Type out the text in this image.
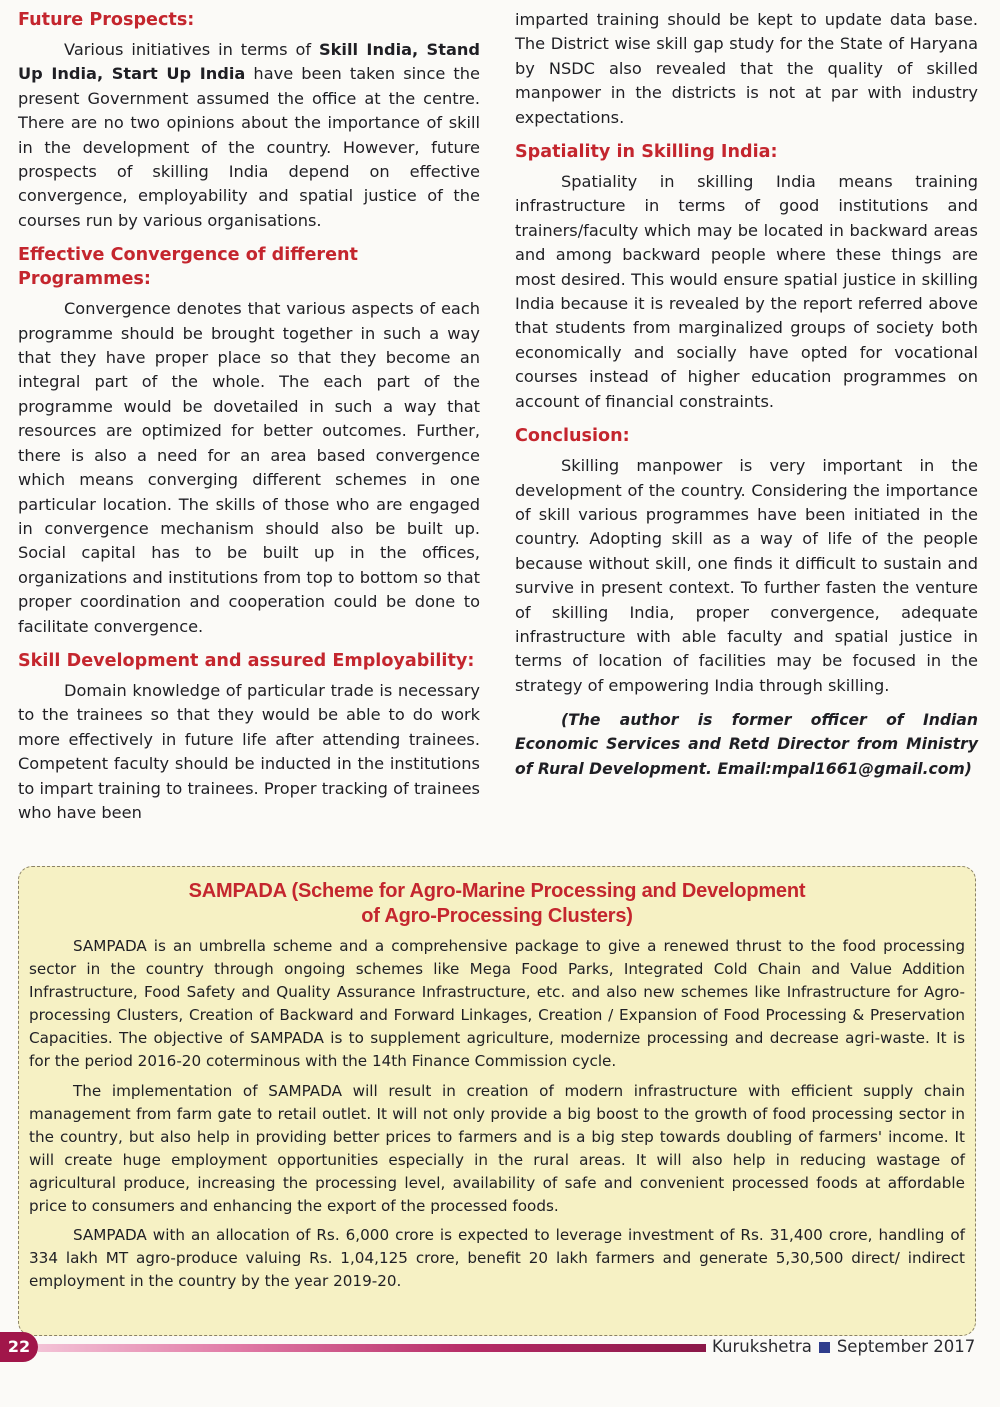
Future Prospects:

Various initiatives in terms of Skill India, Stand Up India, Start Up India have been taken since the present Government assumed the office at the centre. There are no two opinions about the importance of skill in the development of the country. However, future prospects of skilling India depend on effective convergence, employability and spatial justice of the courses run by various organisations.

Effective Convergence of different Programmes:

Convergence denotes that various aspects of each programme should be brought together in such a way that they have proper place so that they become an integral part of the whole. The each part of the programme would be dovetailed in such a way that resources are optimized for better outcomes. Further, there is also a need for an area based convergence which means converging different schemes in one particular location. The skills of those who are engaged in convergence mechanism should also be built up. Social capital has to be built up in the offices, organizations and institutions from top to bottom so that proper coordination and cooperation could be done to facilitate convergence.

Skill Development and assured Employability:

Domain knowledge of particular trade is necessary to the trainees so that they would be able to do work more effectively in future life after attending trainees. Competent faculty should be inducted in the institutions to impart training to trainees. Proper tracking of trainees who have been

imparted training should be kept to update data base. The District wise skill gap study for the State of Haryana by NSDC also revealed that the quality of skilled manpower in the districts is not at par with industry expectations.

Spatiality in Skilling India:

Spatiality in skilling India means training infrastructure in terms of good institutions and trainers/faculty which may be located in backward areas and among backward people where these things are most desired. This would ensure spatial justice in skilling India because it is revealed by the report referred above that students from marginalized groups of society both economically and socially have opted for vocational courses instead of higher education programmes on account of financial constraints.

Conclusion:

Skilling manpower is very important in the development of the country. Considering the importance of skill various programmes have been initiated in the country. Adopting skill as a way of life of the people because without skill, one finds it difficult to sustain and survive in present context. To further fasten the venture of skilling India, proper convergence, adequate infrastructure with able faculty and spatial justice in terms of location of facilities may be focused in the strategy of empowering India through skilling.

(The author is former officer of Indian Economic Services and Retd Director from Ministry of Rural Development. Email:mpal1661@gmail.com)

SAMPADA (Scheme for Agro-Marine Processing and Development
of Agro-Processing Clusters)

SAMPADA is an umbrella scheme and a comprehensive package to give a renewed thrust to the food processing sector in the country through ongoing schemes like Mega Food Parks, Integrated Cold Chain and Value Addition Infrastructure, Food Safety and Quality Assurance Infrastructure, etc. and also new schemes like Infrastructure for Agro-processing Clusters, Creation of Backward and Forward Linkages, Creation / Expansion of Food Processing & Preservation Capacities. The objective of SAMPADA is to supplement agriculture, modernize processing and decrease agri-waste. It is for the period 2016-20 coterminous with the 14th Finance Commission cycle.

The implementation of SAMPADA will result in creation of modern infrastructure with efficient supply chain management from farm gate to retail outlet. It will not only provide a big boost to the growth of food processing sector in the country, but also help in providing better prices to farmers and is a big step towards doubling of farmers' income. It will create huge employment opportunities especially in the rural areas. It will also help in reducing wastage of agricultural produce, increasing the processing level, availability of safe and convenient processed foods at affordable price to consumers and enhancing the export of the processed foods.

SAMPADA with an allocation of Rs. 6,000 crore is expected to leverage investment of Rs. 31,400 crore, handling of 334 lakh MT agro-produce valuing Rs. 1,04,125 crore, benefit 20 lakh farmers and generate 5,30,500 direct/ indirect employment in the country by the year 2019-20.

22	Kurukshetra September 2017
